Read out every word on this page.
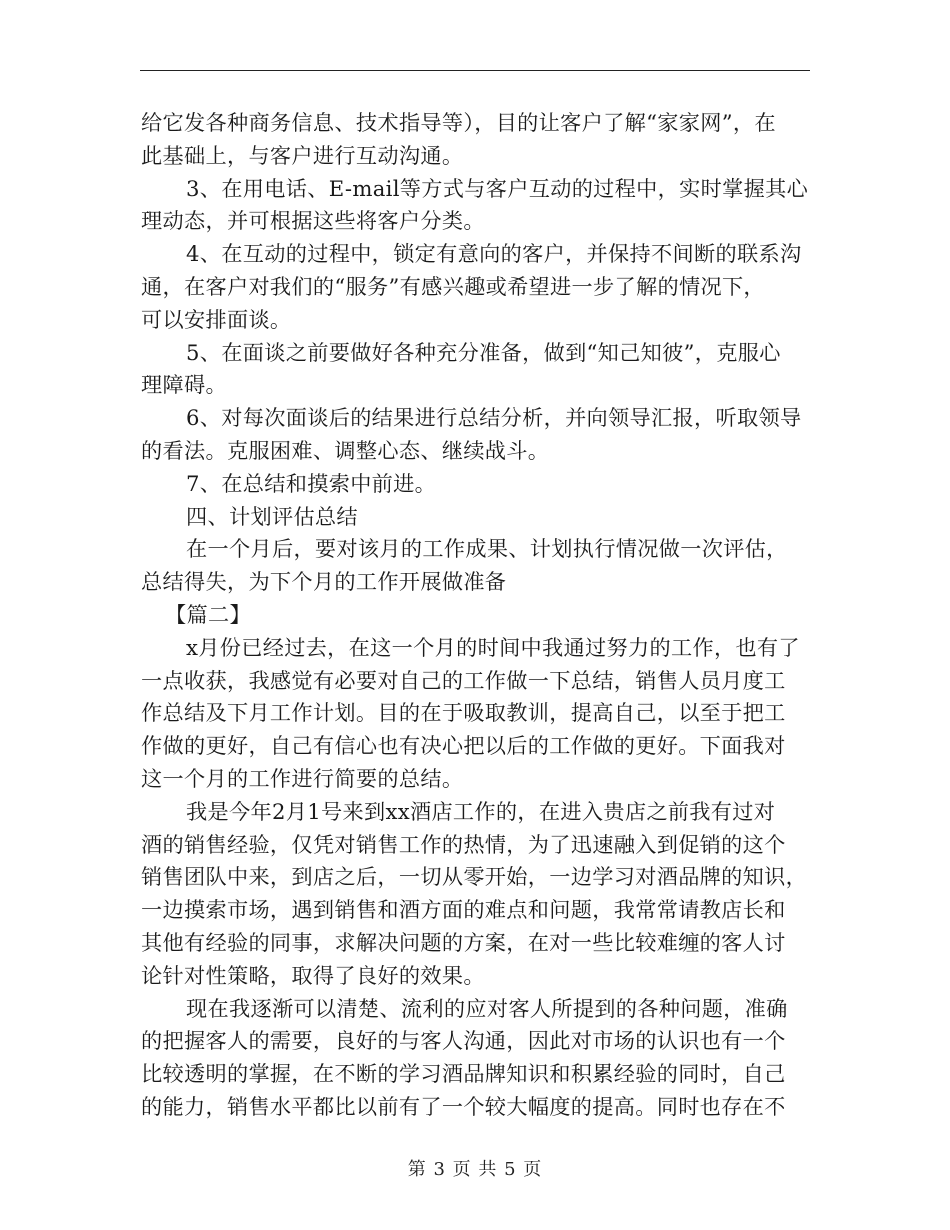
给它发各种商务信息、技术指导等），目的让客户了解“家家网”，在
此基础上，与客户进行互动沟通。
3、在用电话、E-mail等方式与客户互动的过程中，实时掌握其心
理动态，并可根据这些将客户分类。
4、在互动的过程中，锁定有意向的客户，并保持不间断的联系沟
通，在客户对我们的“服务”有感兴趣或希望进一步了解的情况下，
可以安排面谈。
5、在面谈之前要做好各种充分准备，做到“知己知彼”，克服心
理障碍。
6、对每次面谈后的结果进行总结分析，并向领导汇报，听取领导
的看法。克服困难、调整心态、继续战斗。
7、在总结和摸索中前进。
四、计划评估总结
在一个月后，要对该月的工作成果、计划执行情况做一次评估，
总结得失，为下个月的工作开展做准备
【篇二】
x月份已经过去，在这一个月的时间中我通过努力的工作，也有了
一点收获，我感觉有必要对自己的工作做一下总结，销售人员月度工
作总结及下月工作计划。目的在于吸取教训，提高自己，以至于把工
作做的更好，自己有信心也有决心把以后的工作做的更好。下面我对
这一个月的工作进行简要的总结。
我是今年2月1号来到xx酒店工作的，在进入贵店之前我有过对
酒的销售经验，仅凭对销售工作的热情，为了迅速融入到促销的这个
销售团队中来，到店之后，一切从零开始，一边学习对酒品牌的知识，
一边摸索市场，遇到销售和酒方面的难点和问题，我常常请教店长和
其他有经验的同事，求解决问题的方案，在对一些比较难缠的客人讨
论针对性策略，取得了良好的效果。
现在我逐渐可以清楚、流利的应对客人所提到的各种问题，准确
的把握客人的需要，良好的与客人沟通，因此对市场的认识也有一个
比较透明的掌握，在不断的学习酒品牌知识和积累经验的同时，自己
的能力，销售水平都比以前有了一个较大幅度的提高。同时也存在不
第 3 页 共 5 页
